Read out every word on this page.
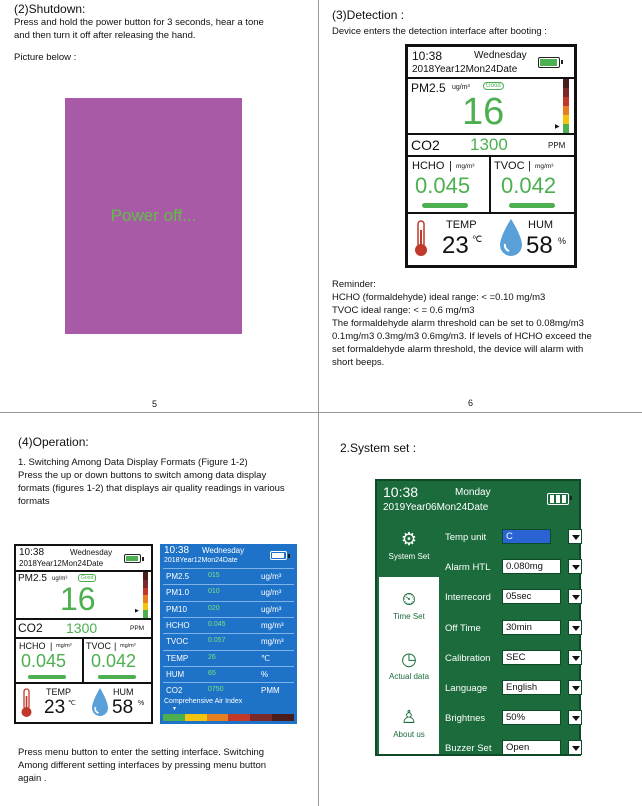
(2)Shutdown:
Press and hold the power button for 3 seconds, hear a tone
and then turn it off after releasing the hand.
Picture below :
Power off...
5
(3)Detection :
Device enters the detection interface after booting :
10:38	Wednesday
2018Year12Mon24Date
PM2.5 ug/m³	Good
16	▶
CO2 1300	PPM
HCHO | mg/m³
0.045
TVOC | mg/m³
0.042
TEMP
23 ℃
HUM
58 %
Reminder:
HCHO (formaldehyde) ideal range: < =0.10 mg/m3
TVOC ideal range: < = 0.6 mg/m3
The formaldehyde alarm threshold can be set to 0.08mg/m3
0.1mg/m3 0.3mg/m3 0.6mg/m3. If levels of HCHO exceed the
set formaldehyde alarm threshold, the device will alarm with
short beeps.
6
(4)Operation:
1. Switching Among Data Display Formats (Figure 1-2)
Press the up or down buttons to switch among data display
formats (figures 1-2) that displays air quality readings in various
formats
10:38	Wednesday
2018Year12Mon24Date
PM2.5 ug/m³	Good
16	▶
CO2 1300	PPM
HCHO | mg/m³
0.045
TVOC | mg/m³
0.042
TEMP
23 ℃
HUM
58 %
10:38 Wednesday
2018Year12Mon24Date
PM2.5	015	ug/m³
PM1.0	010	ug/m³
PM10	020	ug/m³
HCHO	0.045	mg/m³
TVOC	0.057	mg/m³
TEMP	26	℃
HUM	65	%
CO2	0750	PMM
Comprehensive Air Index
▼
Press menu button to enter the setting interface. Switching
Among different setting interfaces by pressing menu button
again .
2.System set :
10:38	Monday
2019Year06Mon24Date
⚙
System Set
⏲
Time Set
◷
Actual data
♙
About us
Temp unit	C
Alarm HTL	0.080mg
Interrecord	05sec
Off Time	30min
Calibration	SEC
Language	English
Brightnes	50%
Buzzer Set	Open
